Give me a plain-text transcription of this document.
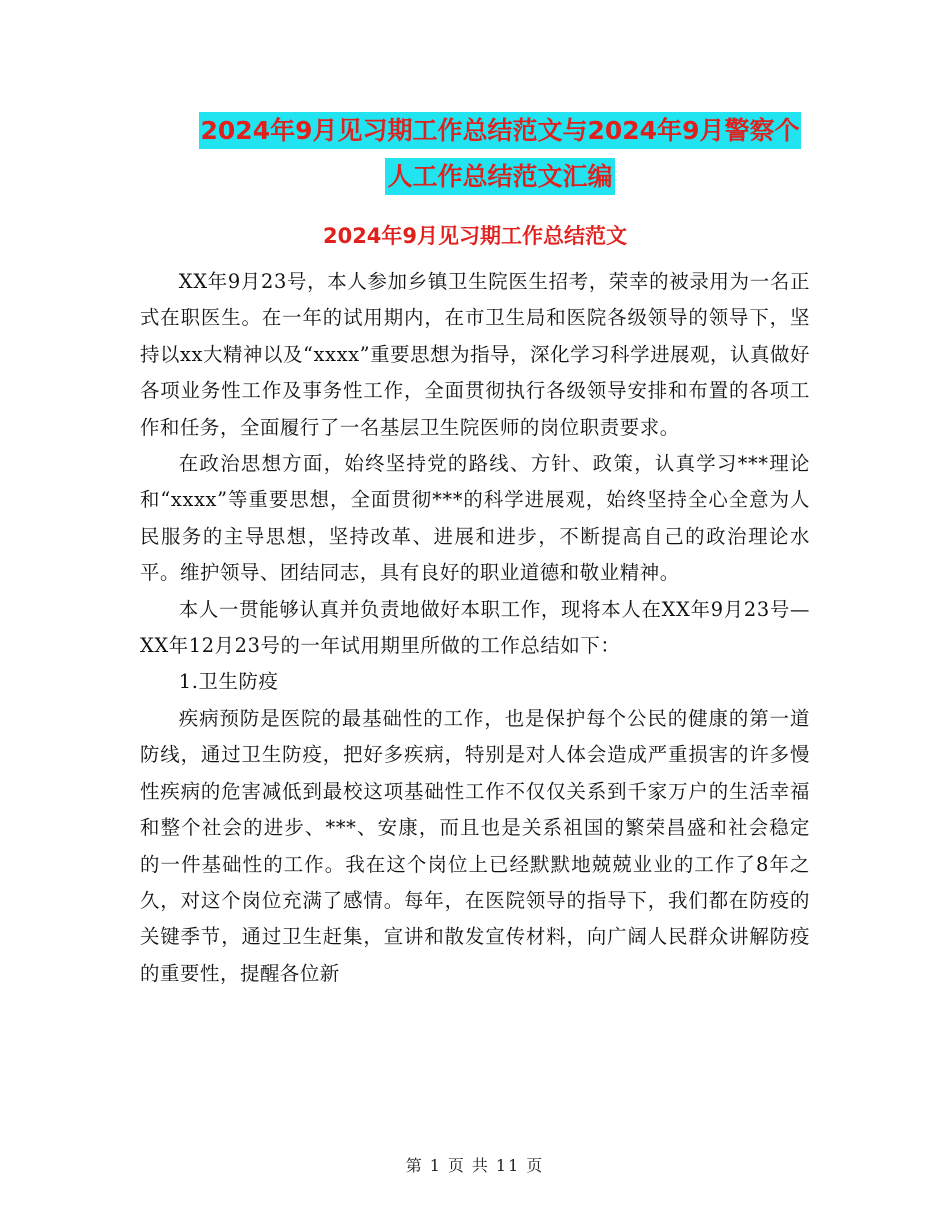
2024年9月见习期工作总结范文与2024年9月警察个
人工作总结范文汇编
2024年9月见习期工作总结范文

XX年9月23号，本人参加乡镇卫生院医生招考，荣幸的被录用为一名正式在职医生。在一年的试用期内，在市卫生局和医院各级领导的领导下，坚持以xx大精神以及“xxxx”重要思想为指导，深化学习科学进展观，认真做好各项业务性工作及事务性工作，全面贯彻执行各级领导安排和布置的各项工作和任务，全面履行了一名基层卫生院医师的岗位职责要求。

在政治思想方面，始终坚持党的路线、方针、政策，认真学习***理论和“xxxx”等重要思想，全面贯彻***的科学进展观，始终坚持全心全意为人民服务的主导思想，坚持改革、进展和进步，不断提高自己的政治理论水平。维护领导、团结同志，具有良好的职业道德和敬业精神。

本人一贯能够认真并负责地做好本职工作，现将本人在XX年9月23号—XX年12月23号的一年试用期里所做的工作总结如下：

1.卫生防疫

疾病预防是医院的最基础性的工作，也是保护每个公民的健康的第一道防线，通过卫生防疫，把好多疾病，特别是对人体会造成严重损害的许多慢性疾病的危害减低到最校这项基础性工作不仅仅关系到千家万户的生活幸福和整个社会的进步、***、安康，而且也是关系祖国的繁荣昌盛和社会稳定的一件基础性的工作。我在这个岗位上已经默默地兢兢业业的工作了8年之久，对这个岗位充满了感情。每年，在医院领导的指导下，我们都在防疫的关键季节，通过卫生赶集，宣讲和散发宣传材料，向广阔人民群众讲解防疫的重要性，提醒各位新

第 1 页 共 11 页
